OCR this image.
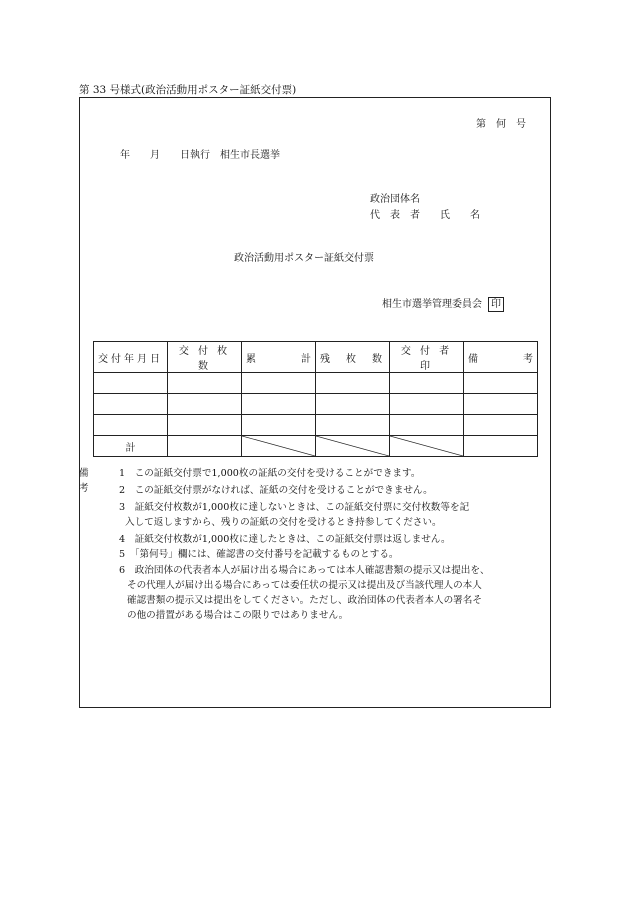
第 33 号様式(政治活動用ポスター証紙交付票)
第　何　号
年　　月　　日執行　相生市長選挙
政治団体名
代　表　者　　氏　　名
政治活動用ポスター証紙交付票
相生市選挙管理委員会 印
交付年月日	交 付 枚 数	累 計	残　枚　数	交 付 者 印	備 考

計		

備考
1　この証紙交付票で1,000枚の証紙の交付を受けることができます。
2　この証紙交付票がなければ、証紙の交付を受けることができません。
3　証紙交付枚数が1,000枚に達しないときは、この証紙交付票に交付枚数等を記
入して返しますから、残りの証紙の交付を受けるとき持参してください。
4　証紙交付枚数が1,000枚に達したときは、この証紙交付票は返しません。
5　「第何号」欄には、確認書の交付番号を記載するものとする。
6　政治団体の代表者本人が届け出る場合にあっては本人確認書類の提示又は提出を、
その代理人が届け出る場合にあっては委任状の提示又は提出及び当該代理人の本人
確認書類の提示又は提出をしてください。ただし、政治団体の代表者本人の署名そ
の他の措置がある場合はこの限りではありません。
